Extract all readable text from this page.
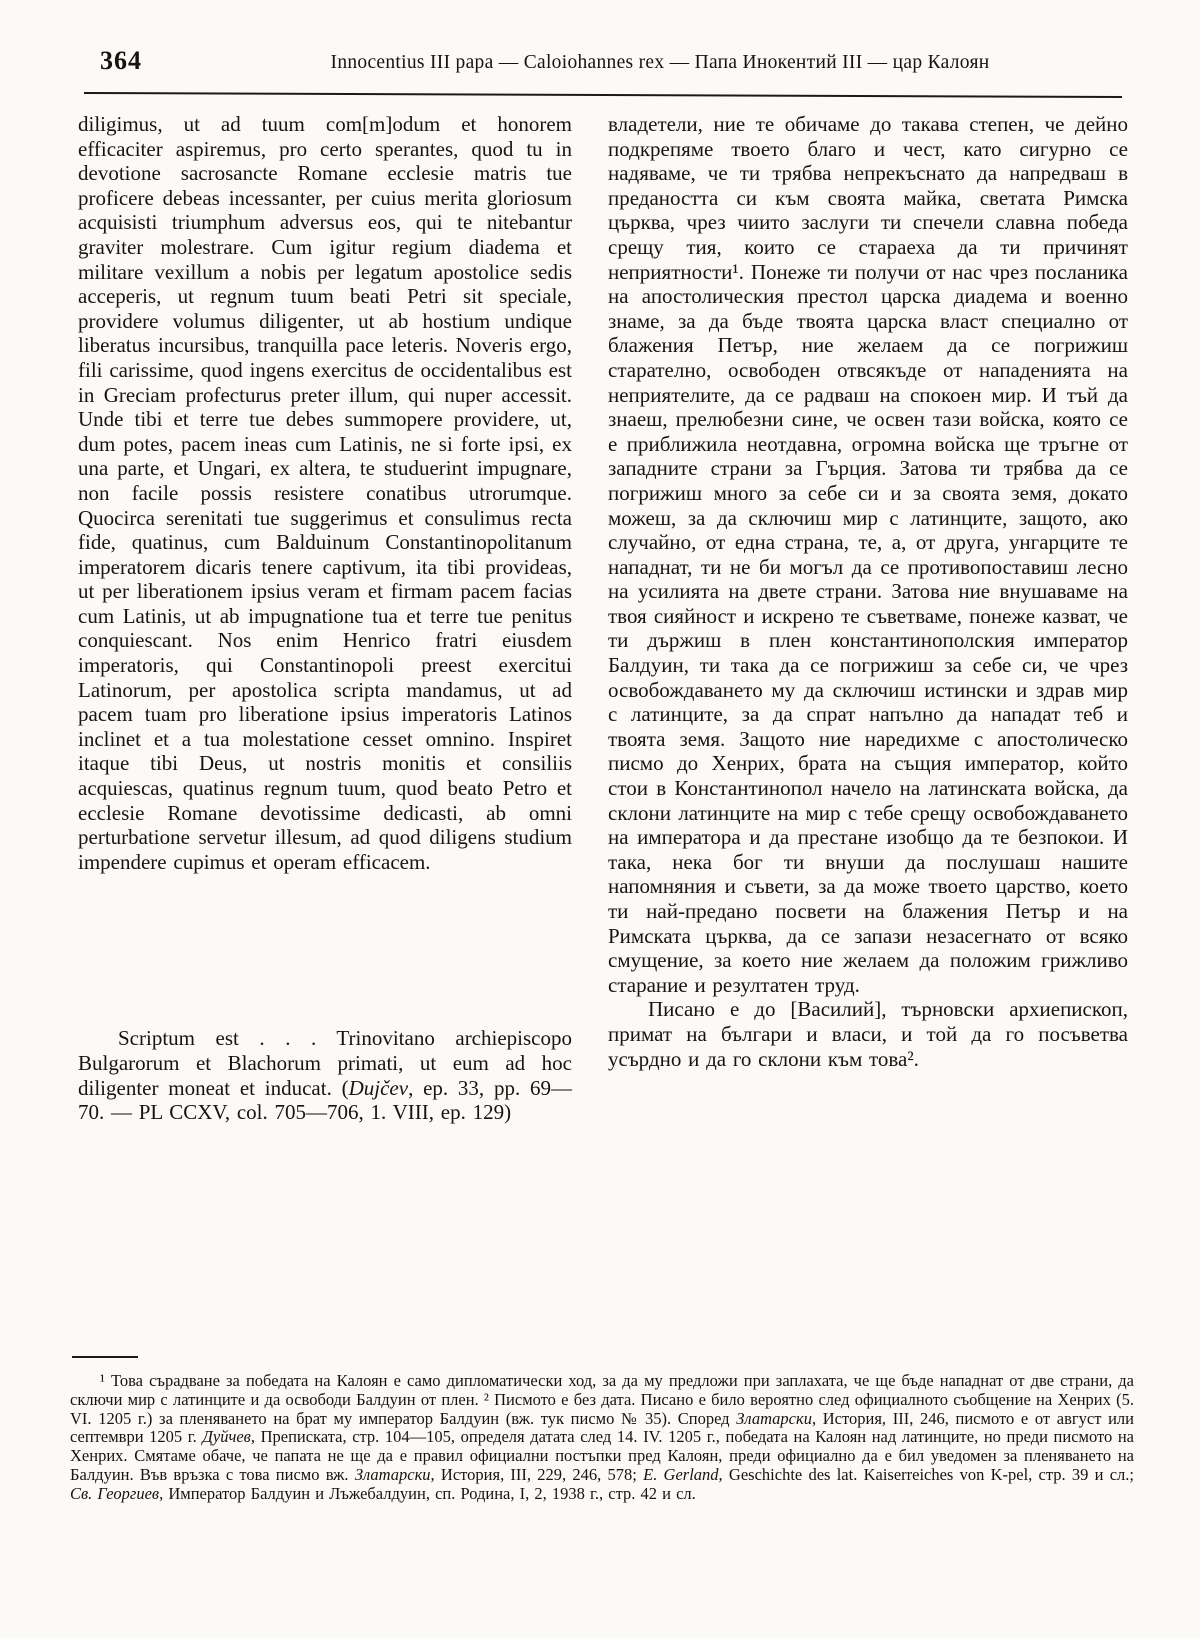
364	Innocentius III papa — Caloiohannes rex — Папа Инокентий III — цар Калоян

diligimus, ut ad tuum com[m]odum et honorem efficaciter aspiremus, pro certo sperantes, quod tu in devotione sacrosancte Romane ecclesie matris tue proficere debeas incessanter, per cuius merita gloriosum acquisisti triumphum adversus eos, qui te nitebantur graviter molestrare. Cum igitur regium diadema et militare vexillum a nobis per legatum apostolice sedis acceperis, ut regnum tuum beati Petri sit speciale, providere volumus diligenter, ut ab hostium undique liberatus incursibus, tranquilla pace leteris. Noveris ergo, fili carissime, quod ingens exercitus de occidentalibus est in Greciam profecturus preter illum, qui nuper accessit. Unde tibi et terre tue debes summopere providere, ut, dum potes, pacem ineas cum Latinis, ne si forte ipsi, ex una parte, et Ungari, ex altera, te studuerint impugnare, non facile possis resistere conatibus utrorumque. Quocirca serenitati tue suggerimus et consulimus recta fide, quatinus, cum Balduinum Constantinopolitanum imperatorem dicaris tenere captivum, ita tibi provideas, ut per liberationem ipsius veram et firmam pacem facias cum Latinis, ut ab impugnatione tua et terre tue penitus conquiescant. Nos enim Henrico fratri eiusdem imperatoris, qui Constantinopoli preest exercitui Latinorum, per apostolica scripta mandamus, ut ad pacem tuam pro liberatione ipsius imperatoris Latinos inclinet et a tua molestatione cesset omnino. Inspiret itaque tibi Deus, ut nostris monitis et consiliis acquiescas, quatinus regnum tuum, quod beato Petro et ecclesie Romane devotissime dedicasti, ab omni perturbatione servetur illesum, ad quod diligens studium impendere cupimus et operam efficacem.

Scriptum est . . . Trinovitano archiepiscopo Bulgarorum et Blachorum primati, ut eum ad hoc diligenter moneat et inducat. (Dujčev, ep. 33, pp. 69—70. — PL CCXV, col. 705—706, 1. VIII, ep. 129)

владетели, ние те обичаме до такава степен, че дейно подкрепяме твоето благо и чест, като сигурно се надяваме, че ти трябва непрекъснато да напредваш в предаността си към своята майка, светата Римска църква, чрез чиито заслуги ти спечели славна победа срещу тия, които се стараеха да ти причинят неприятности¹. Понеже ти получи от нас чрез посланика на апостолическия престол царска диадема и военно знаме, за да бъде твоята царска власт специално от блажения Петър, ние желаем да се погрижиш старателно, освободен отвсякъде от нападенията на неприятелите, да се радваш на спокоен мир. И тъй да знаеш, прелюбезни сине, че освен тази войска, която се е приближила неотдавна, огромна войска ще тръгне от западните страни за Гърция. Затова ти трябва да се погрижиш много за себе си и за своята земя, докато можеш, за да сключиш мир с латинците, защото, ако случайно, от една страна, те, а, от друга, унгарците те нападнат, ти не би могъл да се противопоставиш лесно на усилията на двете страни. Затова ние внушаваме на твоя сияйност и искрено те съветваме, понеже казват, че ти държиш в плен константинополския император Балдуин, ти така да се погрижиш за себе си, че чрез освобождаването му да сключиш истински и здрав мир с латинците, за да спрат напълно да нападат теб и твоята земя. Защото ние наредихме с апостолическо писмо до Хенрих, брата на същия император, който стои в Константинопол начело на латинската войска, да склони латинците на мир с тебе срещу освобождаването на императора и да престане изобщо да те безпокои. И така, нека бог ти внуши да послушаш нашите напомняния и съвети, за да може твоето царство, което ти най-предано посвети на блажения Петър и на Римската църква, да се запази незасегнато от всяко смущение, за което ние желаем да положим грижливо старание и резултатен труд.

Писано е до [Василий], търновски архиепископ, примат на българи и власи, и той да го посъветва усърдно и да го склони към това².

¹ Това сърадване за победата на Калоян е само дипломатически ход, за да му предложи при заплахата, че ще бъде нападнат от две страни, да сключи мир с латинците и да освободи Балдуин от плен. ² Писмото е без дата. Писано е било вероятно след официалното съобщение на Хенрих (5. VI. 1205 г.) за пленяването на брат му император Балдуин (вж. тук писмо № 35). Според Златарски, История, III, 246, писмото е от август или септември 1205 г. Дуйчев, Преписката, стр. 104—105, определя датата след 14. IV. 1205 г., победата на Калоян над латинците, но преди писмото на Хенрих. Смятаме обаче, че папата не ще да е правил официални постъпки пред Калоян, преди официално да е бил уведомен за пленяването на Балдуин. Във връзка с това писмо вж. Златарски, История, III, 229, 246, 578; E. Gerland, Geschichte des lat. Kaiserreiches von K-pel, стр. 39 и сл.; Св. Георгиев, Император Балдуин и Лъжебалдуин, сп. Родина, I, 2, 1938 г., стр. 42 и сл.
